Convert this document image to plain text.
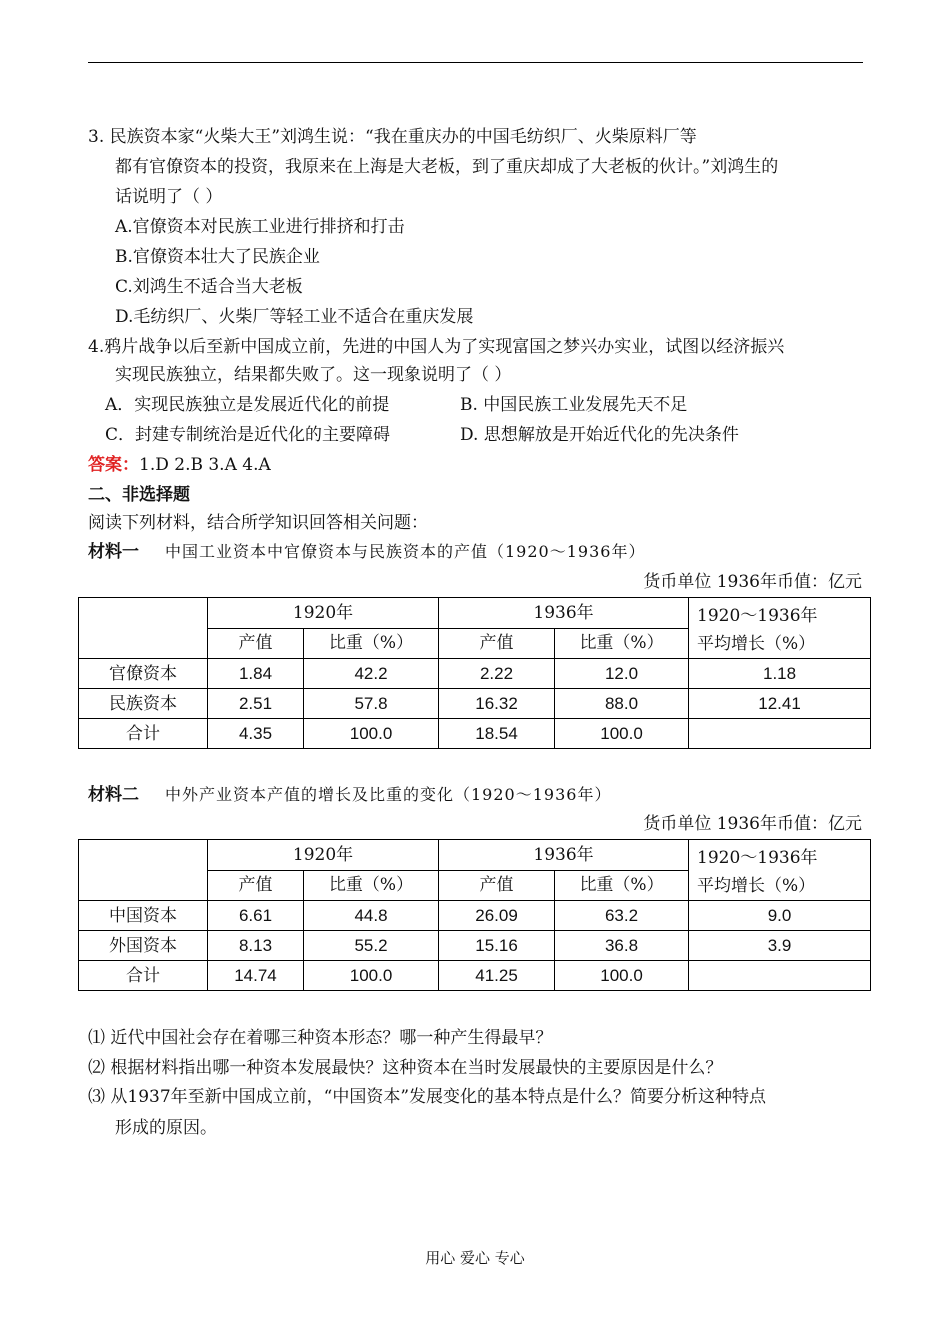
3. 民族资本家“火柴大王”刘鸿生说：“我在重庆办的中国毛纺织厂、火柴原料厂等
都有官僚资本的投资，我原来在上海是大老板，到了重庆却成了大老板的伙计。”刘鸿生的
话说明了（ ）
A.官僚资本对民族工业进行排挤和打击
B.官僚资本壮大了民族企业
C.刘鸿生不适合当大老板
D.毛纺织厂、火柴厂等轻工业不适合在重庆发展
4.鸦片战争以后至新中国成立前，先进的中国人为了实现富国之梦兴办实业，试图以经济振兴
实现民族独立，结果都失败了。这一现象说明了（ ）
A．实现民族独立是发展近代化的前提	B. 中国民族工业发展先天不足
C．封建专制统治是近代化的主要障碍	D. 思想解放是开始近代化的先决条件
答案：1.D 2.B 3.A 4.A
二、非选择题
阅读下列材料，结合所学知识回答相关问题：
材料一 中国工业资本中官僚资本与民族资本的产值（1920～1936年）
货币单位 1936年币值：亿元
	1920年		1936年		1920～1936年
平均增长（%）
	产值	比重（%）	产值	比重（%）	
官僚资本	1.84	42.2	2.22	12.0	1.18
民族资本	2.51	57.8	16.32	88.0	12.41
合计	4.35	100.0	18.54	100.0	
材料二 中外产业资本产值的增长及比重的变化（1920～1936年）
货币单位 1936年币值：亿元
	1920年		1936年		1920～1936年
平均增长（%）
	产值	比重（%）	产值	比重（%）	
中国资本	6.61	44.8	26.09	63.2	9.0
外国资本	8.13	55.2	15.16	36.8	3.9
合计	14.74	100.0	41.25	100.0	
⑴ 近代中国社会存在着哪三种资本形态？哪一种产生得最早？
⑵ 根据材料指出哪一种资本发展最快？这种资本在当时发展最快的主要原因是什么？
⑶ 从1937年至新中国成立前，“中国资本”发展变化的基本特点是什么？简要分析这种特点
形成的原因。
用心 爱心 专心
